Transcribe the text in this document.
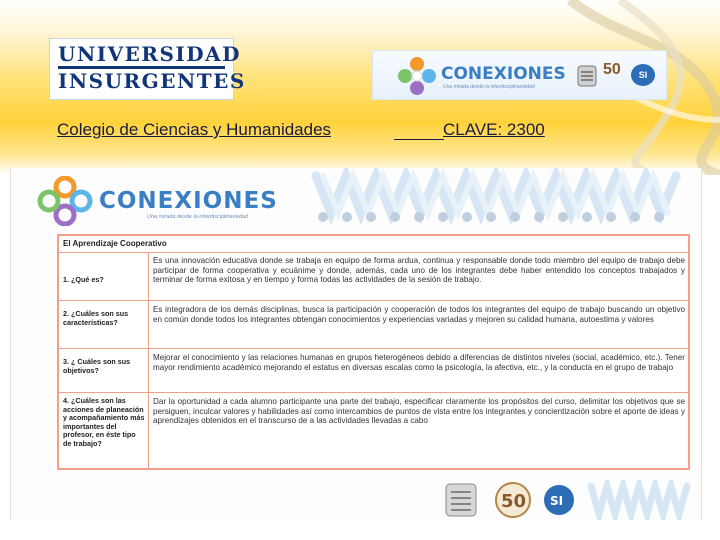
UNIVERSIDAD
INSURGENTES	CONEXIONES
Una mirada desde la interdisciplinariedad
50	SI
Colegio de Ciencias y Humanidades	CLAVE: 2300
CONEXIONES
Una mirada desde la interdisciplinariedad
50 SI
El Aprendizaje Cooperativo
1. ¿Qué es?
Es una innovación educativa donde se trabaja en equipo de forma ardua, continua y responsable donde todo miembro del equipo de trabajo debe participar de forma cooperativa y ecuánime y donde, además, cada uno de los integrantes debe haber entendido los conceptos trabajados y terminar de forma exitosa y en tiempo y forma todas las actividades de la sesión de trabajo.
2. ¿Cuáles son sus características?
Es integradora de los demás disciplinas, busca la participación y cooperación de todos los integrantes del equipo de trabajo buscando un objetivo en común donde todos los integrantes obtengan conocimientos y experiencias variadas y mejoren su calidad humana, autoestima y valores
3. ¿ Cuáles son sus objetivos?
Mejorar el conocimiento y las relaciones humanas en grupos heterogéneos debido a diferencias de distintos niveles (social, académico, etc.). Tener mayor rendimiento académico mejorando el estatus en diversas escalas como la psicología, la afectiva, etc., y la conducta en el grupo de trabajo
4. ¿Cuáles son las acciones de planeación y acompañamiento más importantes del profesor, en éste tipo de trabajo?
Dar la oportunidad a cada alumno participante una parte del trabajo, especificar claramente los propósitos del curso, delimitar los objetivos que se persiguen, inculcar valores y habilidades así como intercambios de puntos de vista entre los integrantes y concientización sobre el aporte de ideas y aprendizajes obtenidos en el transcurso de a las actividades llevadas a cabo
